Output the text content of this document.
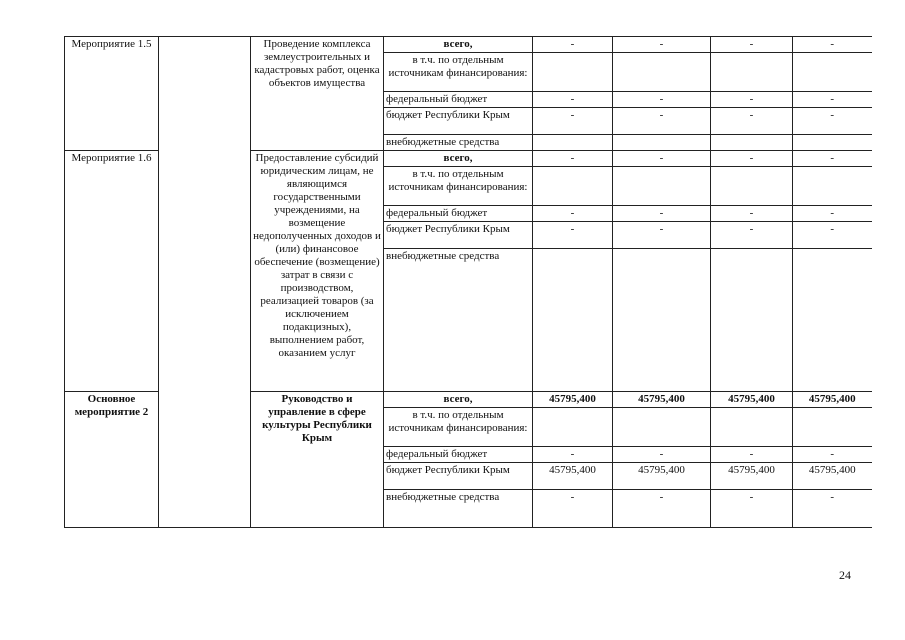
Мероприятие 1.5		Проведение комплекса землеустроительных и кадастровых работ, оценка объектов имущества	всего,	-	-	-	-
			в т.ч. по отдельным источникам финансирования:				
			федеральный бюджет	-	-	-	-
			бюджет Республики Крым	-	-	-	-
			внебюджетные средства				
Мероприятие 1.6		Предоставление субсидий юридическим лицам, не являющимся государственными учреждениями, на возмещение недополученных доходов и (или) финансовое обеспечение (возмещение) затрат в связи с производством, реализацией товаров (за исключением подакцизных), выполнением работ, оказанием услуг	всего,	-	-	-	-
			в т.ч. по отдельным источникам финансирования:				
			федеральный бюджет	-	-	-	-
			бюджет Республики Крым	-	-	-	-
			внебюджетные средства				
Основное мероприятие 2		Руководство и управление в сфере культуры Республики Крым	всего,	45795,400	45795,400	45795,400	45795,400
			в т.ч. по отдельным источникам финансирования:				
			федеральный бюджет	-	-	-	-
			бюджет Республики Крым	45795,400	45795,400	45795,400	45795,400
			внебюджетные средства	-	-	-	-
24
